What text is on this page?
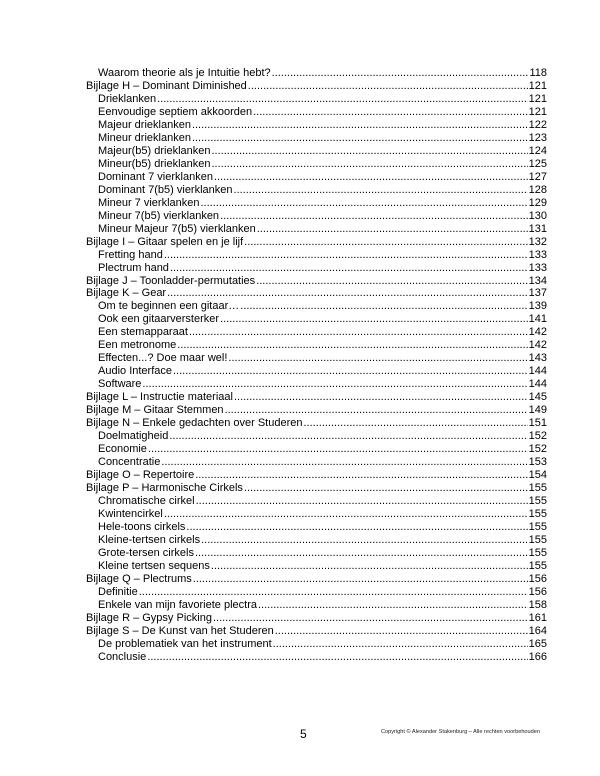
Waarom theorie als je Intuitie hebt? .....	118
Bijlage H – Dominant Diminished .....	121
Drieklanken .....	121
Eenvoudige septiem akkoorden .....	121
Majeur drieklanken .....	122
Mineur drieklanken .....	123
Majeur(b5) drieklanken .....	124
Mineur(b5) drieklanken .....	125
Dominant 7 vierklanken .....	127
Dominant 7(b5) vierklanken .....	128
Mineur 7 vierklanken .....	129
Mineur 7(b5) vierklanken .....	130
Mineur Majeur 7(b5) vierklanken .....	131
Bijlage I – Gitaar spelen en je lijf .....	132
Fretting hand .....	133
Plectrum hand .....	133
Bijlage J – Toonladder-permutaties .....	134
Bijlage K – Gear .....	137
Om te beginnen een gitaar… .....	139
Ook een gitaarversterker .....	141
Een stemapparaat .....	142
Een metronome .....	142
Effecten...? Doe maar wel! .....	143
Audio Interface .....	144
Software .....	144
Bijlage L – Instructie materiaal .....	145
Bijlage M – Gitaar Stemmen .....	149
Bijlage N – Enkele gedachten over Studeren .....	151
Doelmatigheid .....	152
Economie .....	152
Concentratie .....	153
Bijlage O – Repertoire .....	154
Bijlage P – Harmonische Cirkels .....	155
Chromatische cirkel .....	155
Kwintencirkel .....	155
Hele-toons cirkels .....	155
Kleine-tertsen cirkels .....	155
Grote-tersen cirkels .....	155
Kleine tertsen sequens .....	155
Bijlage Q – Plectrums .....	156
Definitie .....	156
Enkele van mijn favoriete plectra .....	158
Bijlage R – Gypsy Picking .....	161
Bijlage S – De Kunst van het Studeren .....	164
De problematiek van het instrument .....	165
Conclusie .....	166
5	Copyright © Alexander Stakenburg – Alle rechten voorbehouden
